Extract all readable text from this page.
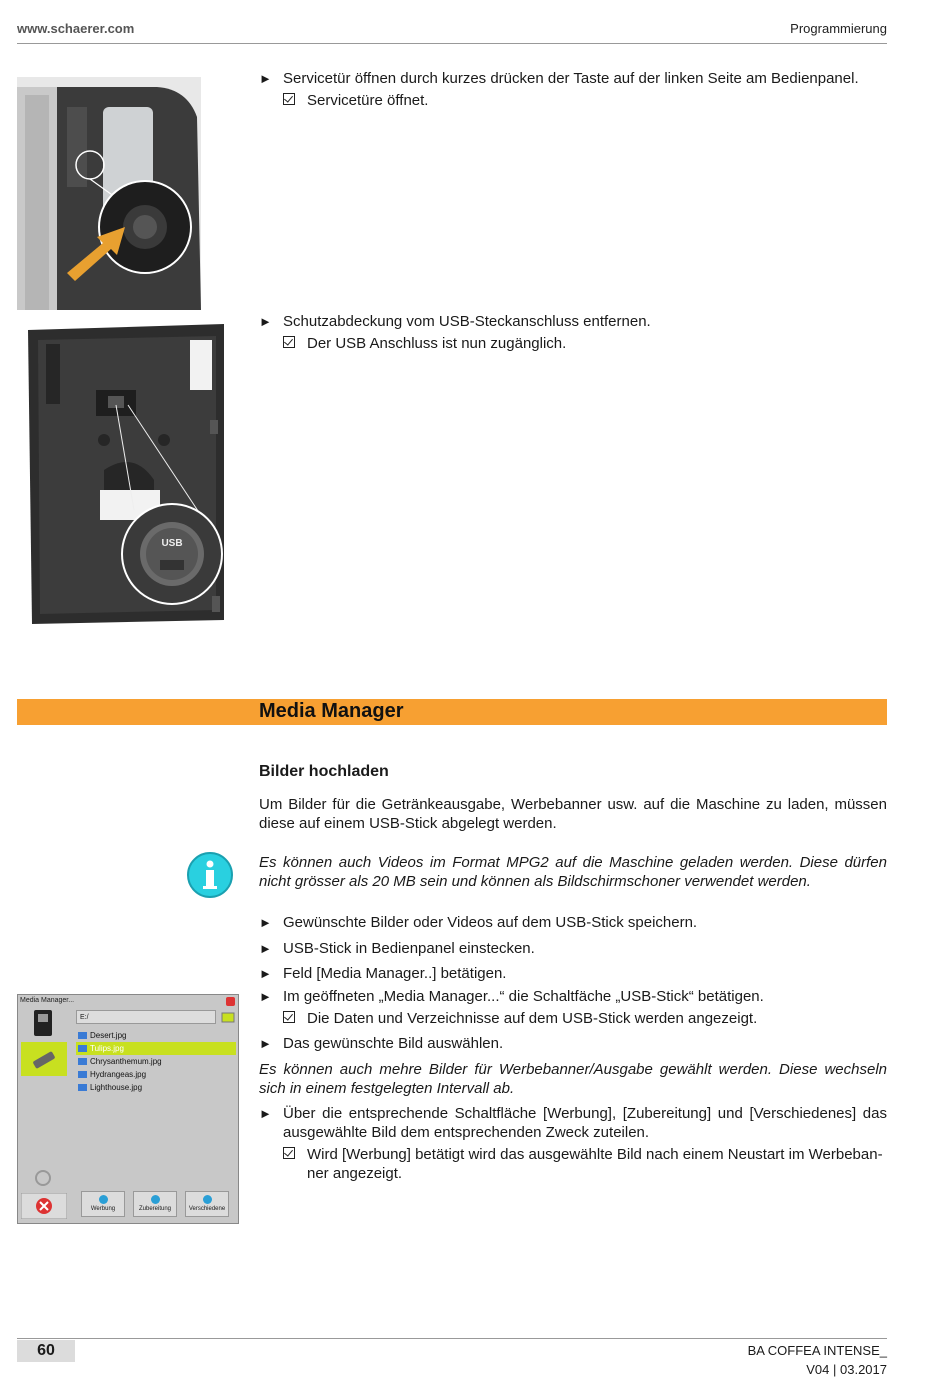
www.schaerer.com	Programmierung
► Servicetür öffnen durch kurzes drücken der Taste auf der linken Seite am Bedienpanel.
Servicetüre öffnet.
USB
► Schutzabdeckung vom USB-Steckanschluss entfernen.
Der USB Anschluss ist nun zugänglich.
Media Manager
Bilder hochladen
Um Bilder für die Getränkeausgabe, Werbebanner usw. auf die Maschine zu laden, müssen diese auf einem USB-Stick abgelegt werden.
Es können auch Videos im Format MPG2 auf die Maschine geladen werden. Diese dürfen nicht grösser als 20 MB sein und können als Bildschirmschoner verwendet werden.
► Gewünschte Bilder oder Videos auf dem USB-Stick speichern.
► USB-Stick in Bedienpanel einstecken.
► Feld [Media Manager..] betätigen.
► Im geöffneten „Media Manager...“ die Schaltfäche „USB-Stick“ betätigen.
Die Daten und Verzeichnisse auf dem USB-Stick werden angezeigt.
► Das gewünschte Bild auswählen.
Es können auch mehre Bilder für Werbebanner/Ausgabe gewählt werden. Diese wechseln sich in einem festgelegten Intervall ab.
► Über die entsprechende Schaltfläche [Werbung], [Zubereitung] und [Verschiedenes] das ausgewählte Bild dem entsprechenden Zweck zuteilen.
Wird [Werbung] betätigt wird das ausgewählte Bild nach einem Neustart im Werbeban-
ner angezeigt.
Media Manager...
E:/
Desert.jpg
Tulips.jpg
Chrysanthemum.jpg
Hydrangeas.jpg
Lighthouse.jpg
Werbung	Zubereitung	Verschiedene
60	BA COFFEA INTENSE_
V04 | 03.2017
